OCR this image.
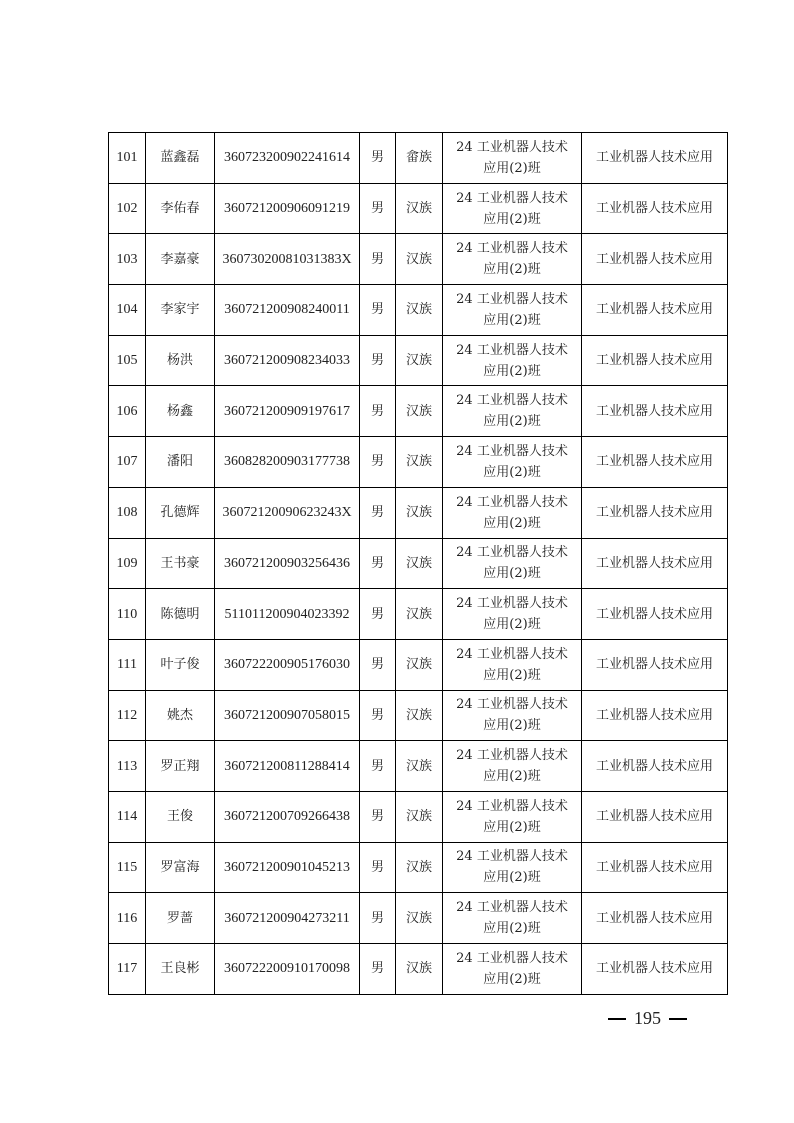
101	蓝鑫磊	360723200902241614	男	畲族	24 工业机器人技术
应用(2)班	工业机器人技术应用
102	李佑春	360721200906091219	男	汉族	24 工业机器人技术
应用(2)班	工业机器人技术应用
103	李嘉豪	36073020081031383X	男	汉族	24 工业机器人技术
应用(2)班	工业机器人技术应用
104	李家宇	360721200908240011	男	汉族	24 工业机器人技术
应用(2)班	工业机器人技术应用
105	杨洪	360721200908234033	男	汉族	24 工业机器人技术
应用(2)班	工业机器人技术应用
106	杨鑫	360721200909197617	男	汉族	24 工业机器人技术
应用(2)班	工业机器人技术应用
107	潘阳	360828200903177738	男	汉族	24 工业机器人技术
应用(2)班	工业机器人技术应用
108	孔德辉	36072120090623243X	男	汉族	24 工业机器人技术
应用(2)班	工业机器人技术应用
109	王书豪	360721200903256436	男	汉族	24 工业机器人技术
应用(2)班	工业机器人技术应用
110	陈德明	511011200904023392	男	汉族	24 工业机器人技术
应用(2)班	工业机器人技术应用
111	叶子俊	360722200905176030	男	汉族	24 工业机器人技术
应用(2)班	工业机器人技术应用
112	姚杰	360721200907058015	男	汉族	24 工业机器人技术
应用(2)班	工业机器人技术应用
113	罗正翔	360721200811288414	男	汉族	24 工业机器人技术
应用(2)班	工业机器人技术应用
114	王俊	360721200709266438	男	汉族	24 工业机器人技术
应用(2)班	工业机器人技术应用
115	罗富海	360721200901045213	男	汉族	24 工业机器人技术
应用(2)班	工业机器人技术应用
116	罗蔷	360721200904273211	男	汉族	24 工业机器人技术
应用(2)班	工业机器人技术应用
117	王良彬	360722200910170098	男	汉族	24 工业机器人技术
应用(2)班	工业机器人技术应用
195
